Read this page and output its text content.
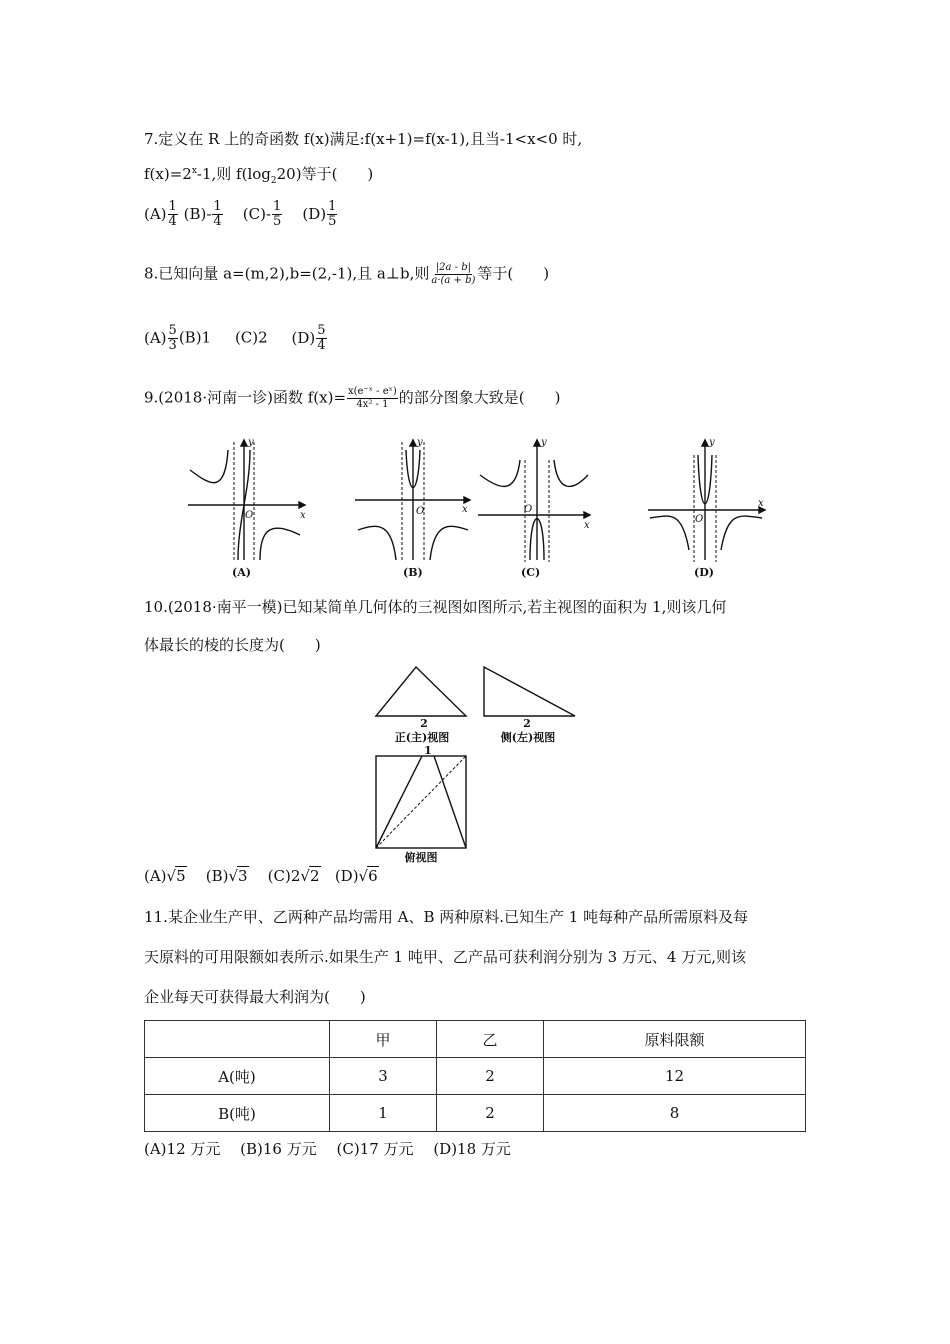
7.定义在 R 上的奇函数 f(x)满足:f(x+1)=f(x-1),且当-1<x<0 时,
$f(x)=2^x-1$,则 $f(\log_220)$等于(　　)
$(A) \frac{1}{4} (B)- \frac{1}{4} (C)- \frac{1}{5} (D) \frac{1}{5}$
8.已知向量 a=(m,2),b=(2,-1),且 a⊥b,则 $\frac{|2a - b|}{a\cdot(a + b)}$ 等于(　　)
$(A) \frac{5}{3} (B)1$ (C)2 $(D) \frac{5}{4}$
9.(2018·河南一诊)函数 $f(x)= \frac{\text{x(e⁻ˣ - eˣ)}}{\text{4x² - 1}}$ 的部分图象大致是(　　)
y
x
O
y
x
O
y
x
O
y
x
O
(A)	(B)	(C)	(D)
10.(2018·南平一模)已知某简单几何体的三视图如图所示,若主视图的面积为 1,则该几何
体最长的棱的长度为(　　)
2
正(主)视图
2
侧(左)视图
1
俯视图
(A)√5 (B)√3 (C)2√2 (D)√6
11.某企业生产甲、乙两种产品均需用 A、B 两种原料.已知生产 1 吨每种产品所需原料及每
天原料的可用限额如表所示.如果生产 1 吨甲、乙产品可获利润分别为 3 万元、4 万元,则该
企业每天可获得最大利润为(　　)
	甲	乙	原料限额
A(吨)	3	2	12
B(吨)	1	2	8
(A)12 万元　 (B)16 万元　 (C)17 万元　 (D)18 万元
